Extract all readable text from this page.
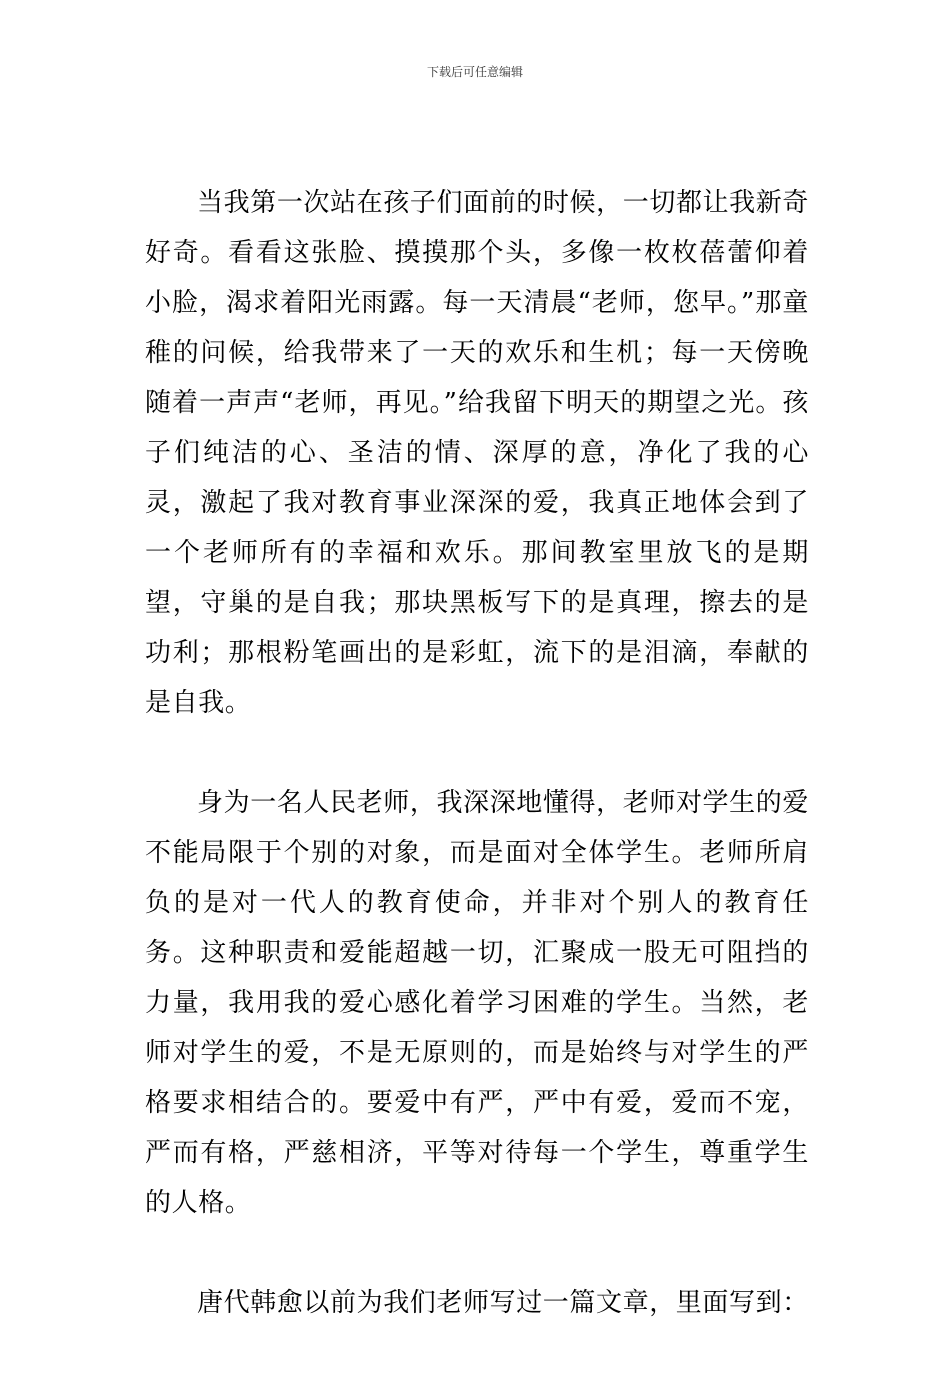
下载后可任意编辑

当我第一次站在孩子们面前的时候，一切都让我新奇好奇。看看这张脸、摸摸那个头，多像一枚枚蓓蕾仰着小脸，渴求着阳光雨露。每一天清晨“老师，您早。”那童稚的问候，给我带来了一天的欢乐和生机；每一天傍晚随着一声声“老师，再见。”给我留下明天的期望之光。孩子们纯洁的心、圣洁的情、深厚的意，净化了我的心灵，激起了我对教育事业深深的爱，我真正地体会到了一个老师所有的幸福和欢乐。那间教室里放飞的是期望，守巢的是自我；那块黑板写下的是真理，擦去的是功利；那根粉笔画出的是彩虹，流下的是泪滴，奉献的是自我。

身为一名人民老师，我深深地懂得，老师对学生的爱不能局限于个别的对象，而是面对全体学生。老师所肩负的是对一代人的教育使命，并非对个别人的教育任务。这种职责和爱能超越一切，汇聚成一股无可阻挡的力量，我用我的爱心感化着学习困难的学生。当然，老师对学生的爱，不是无原则的，而是始终与对学生的严格要求相结合的。要爱中有严，严中有爱，爱而不宠，严而有格，严慈相济，平等对待每一个学生，尊重学生的人格。

唐代韩愈以前为我们老师写过一篇文章，里面写到：
